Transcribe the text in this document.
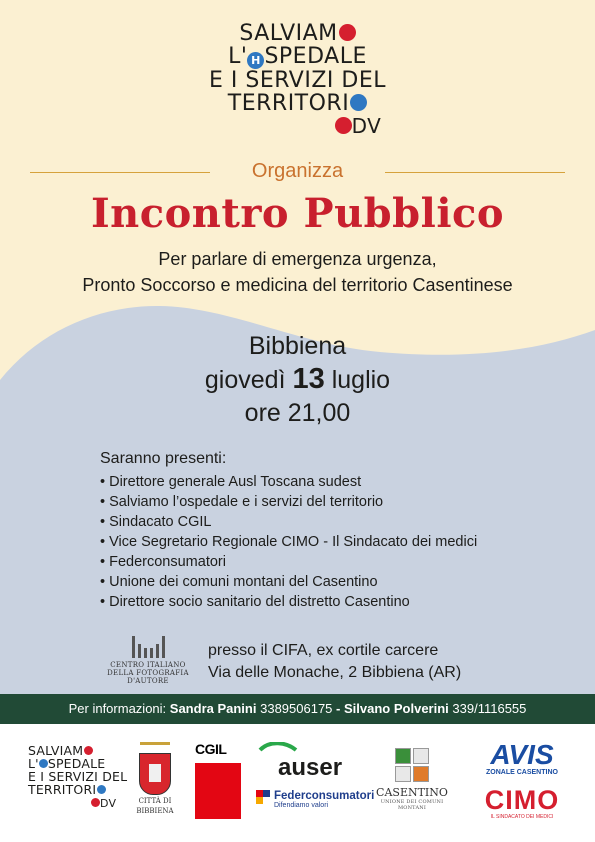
SALVIAM
L' H SPEDALE
E I SERVIZI DEL
TERRITORI
DV
Organizza
Incontro Pubblico
Per parlare di emergenza urgenza,
Pronto Soccorso e medicina del territorio Casentinese
Bibbiena
giovedì 13 luglio
ore 21,00
Saranno presenti:
• Direttore generale Ausl Toscana sudest
• Salviamo l’ospedale e i servizi del territorio
• Sindacato CGIL
• Vice Segretario Regionale CIMO - Il Sindacato dei medici
• Federconsumatori
• Unione dei comuni montani del Casentino
• Direttore socio sanitario del distretto Casentino
CENTRO ITALIANO
DELLA FOTOGRAFIA D'AUTORE
presso il CIFA, ex cortile carcere
Via delle Monache, 2 Bibbiena (AR)
Per informazioni: Sandra Panini 3389506175 - Silvano Polverini 339/1116555
SALVIAM
L' SPEDALE
E I SERVIZI DEL
TERRITORI
DV	CITTÀ DI
BIBBIENA
CGIL
auser
Federconsumatori
Difendiamo valori
CASENTINO
UNIONE DEI COMUNI MONTANI
AVIS
ZONALE CASENTINO
CIMO
IL SINDACATO DEI MEDICI
